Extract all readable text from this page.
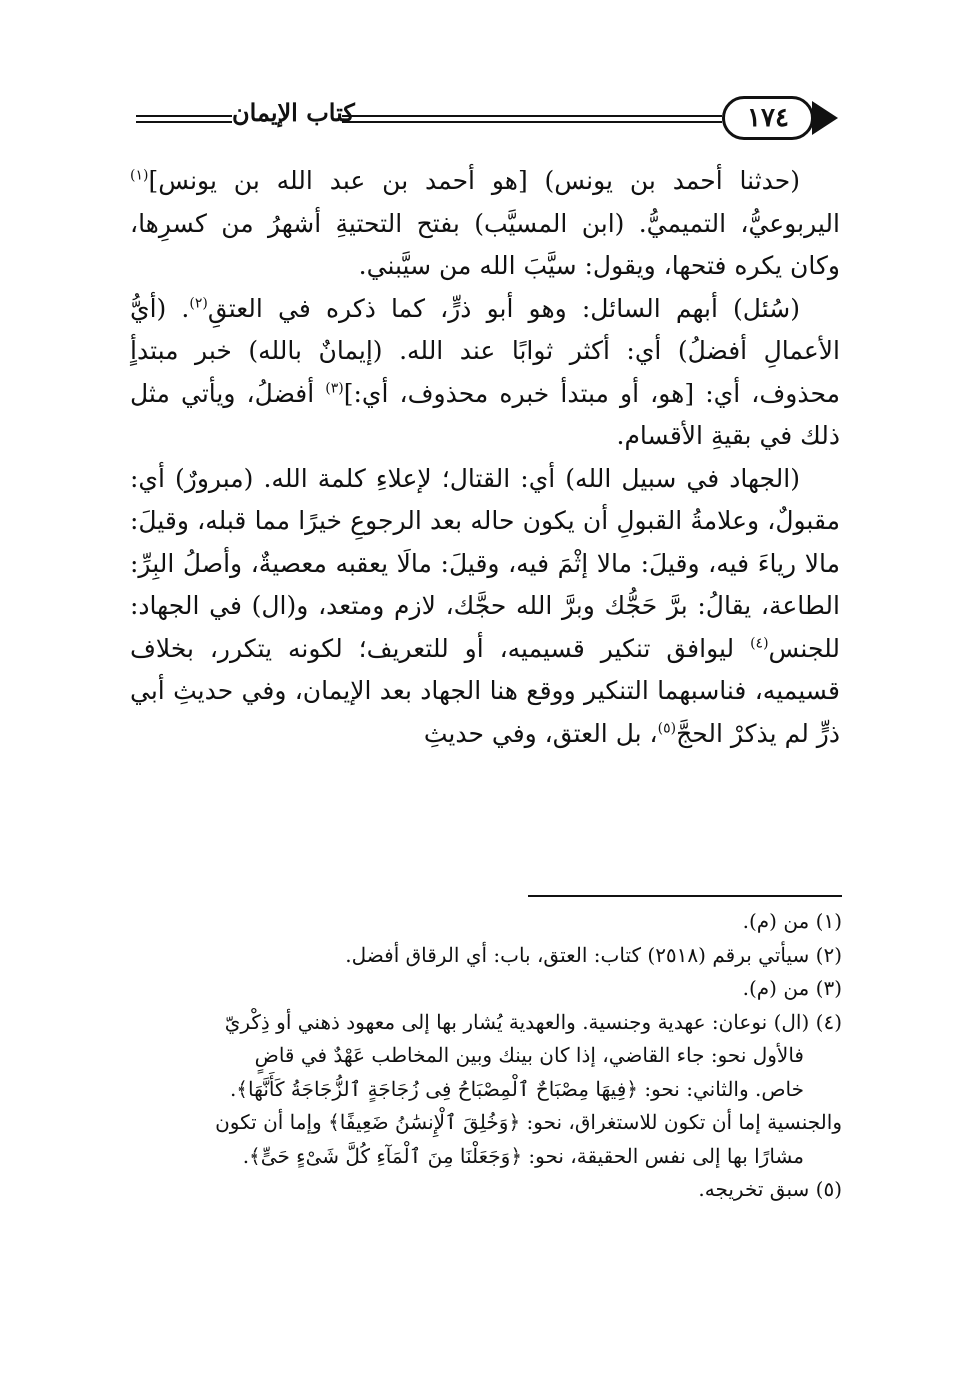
كتاب الإيمان	١٧٤

(حدثنا أحمد بن يونس) [هو أحمد بن عبد الله بن يونس]$^{(١)}$ اليربوعيُّ، التميميُّ. (ابن المسيَّب) بفتح التحتيةِ أشهرُ من كسرِها، وكان يكره فتحها، ويقول: سيَّبَ الله من سيَّبني.

(سُئل) أبهم السائل: وهو أبو ذرٍّ، كما ذكره في العتقِ$^{(٢)}$. (أيُّ الأعمالِ أفضلُ) أي: أكثر ثوابًا عند الله. (إيمانٌ بالله) خبر مبتدأٍ محذوف، أي: [هو، أو مبتدأ خبره محذوف، أي:]$^{(٣)}$ أفضلُ، ويأتي مثل ذلك في بقيةِ الأقسام.

(الجهاد في سبيل الله) أي: القتال؛ لإعلاءِ كلمة الله. (مبرورٌ) أي: مقبولٌ، وعلامةُ القبولِ أن يكون حاله بعد الرجوعِ خيرًا مما قبله، وقيلَ: مالا رياءَ فيه، وقيلَ: مالا إثْمَ فيه، وقيلَ: مالَا يعقبه معصيةٌ، وأصلُ البِرِّ: الطاعة، يقالُ: برَّ حَجُّك وبرَّ الله حجَّك، لازم ومتعد، و(ال) في الجهاد: للجنس$^{(٤)}$ ليوافق تنكير قسيميه، أو للتعريف؛ لكونه يتكرر، بخلاف قسيميه، فناسبهما التنكير ووقع هنا الجهاد بعد الإيمان، وفي حديثِ أبي ذرٍّ لم يذكرْ الحجَّ$^{(٥)}$، بل العتق، وفي حديثِ

(١) من (م).

(٢) سيأتي برقم (٢٥١٨) كتاب: العتق، باب: أي الرقاق أفضل.

(٣) من (م).

(٤) (ال) نوعان: عهدية وجنسية. والعهدية يُشار بها إلى معهود ذهني أو ذِكْريّ

فالأول نحو: جاء القاضي، إذا كان بينك وبين المخاطب عَهْدٌ في قاضٍ

خاص. والثاني: نحو: ﴿فِيهَا مِصْبَاحٌ ٱلْمِصْبَاحُ فِى زُجَاجَةٍ ٱلزُّجَاجَةُ كَأَنَّهَا﴾.

والجنسية إما أن تكون للاستغراق، نحو: ﴿وَخُلِقَ ٱلْإِنسَٰنُ ضَعِيفًا﴾ وإما أن تكون

مشارًا بها إلى نفس الحقيقة، نحو: ﴿وَجَعَلْنَا مِنَ ٱلْمَآءِ كُلَّ شَىْءٍ حَىٍّ﴾.

(٥) سبق تخريجه.
